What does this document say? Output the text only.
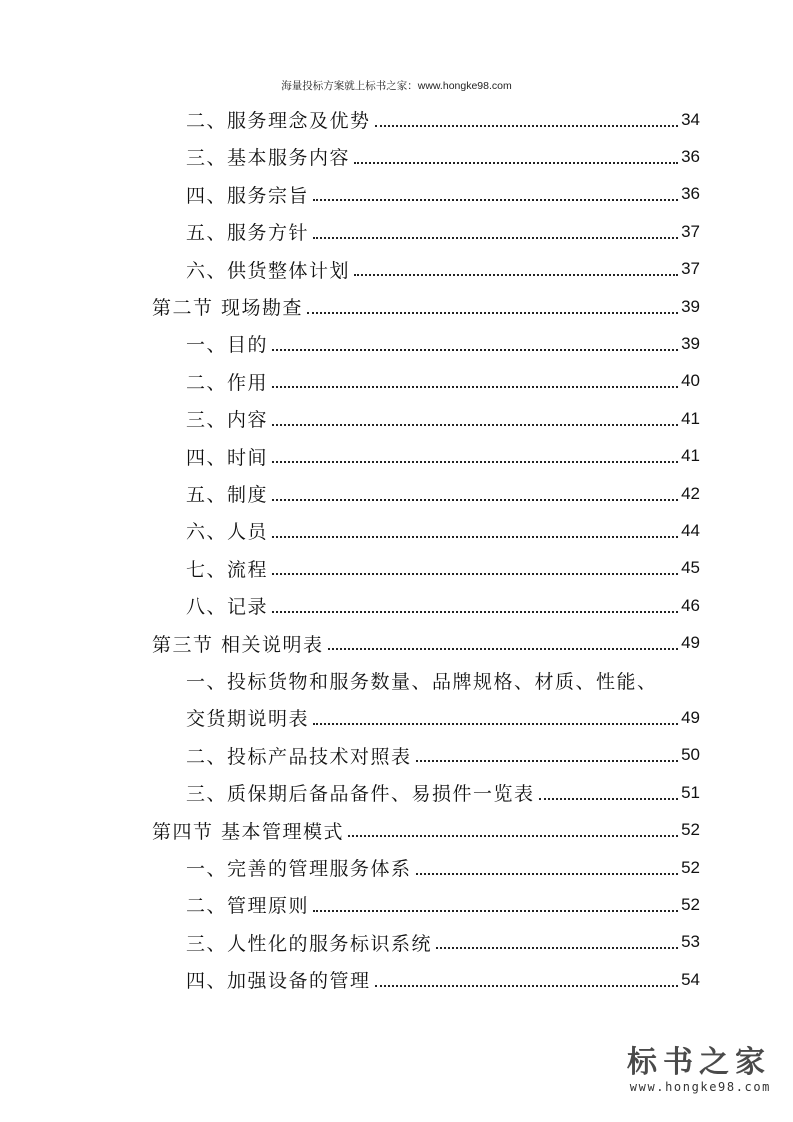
海量投标方案就上标书之家：www.hongke98.com
二、服务理念及优势	34
三、基本服务内容	36
四、服务宗旨	36
五、服务方针	37
六、供货整体计划	37
第二节 现场勘查	39
一、目的	39
二、作用	40
三、内容	41
四、时间	41
五、制度	42
六、人员	44
七、流程	45
八、记录	46
第三节 相关说明表	49
一、投标货物和服务数量、品牌规格、材质、性能、
交货期说明表	49
二、投标产品技术对照表	50
三、质保期后备品备件、易损件一览表	51
第四节 基本管理模式	52
一、完善的管理服务体系	52
二、管理原则	52
三、人性化的服务标识系统	53
四、加强设备的管理	54
标书之家
www.hongke98.com
